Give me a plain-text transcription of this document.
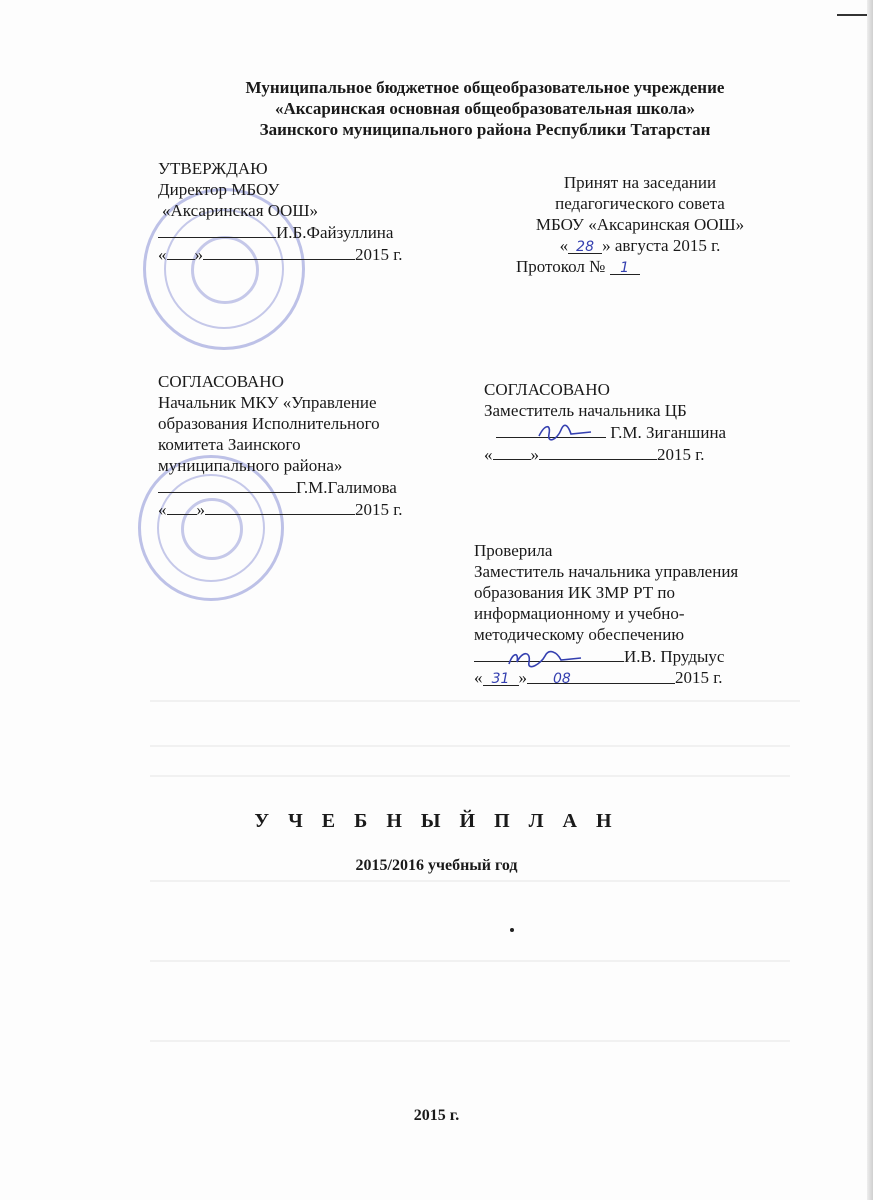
Муниципальное бюджетное общеобразовательное учреждение
«Аксаринская основная общеобразовательная школа»
Заинского муниципального района Республики Татарстан
УТВЕРЖДАЮ
Директор МБОУ
«Аксаринская ООШ»
И.Б.Файзуллина
« »	2015 г.
Принят на заседании
педагогического совета
МБОУ «Аксаринская ООШ»
« 28 » августа 2015 г.
Протокол № 1
СОГЛАСОВАНО
Начальник МКУ «Управление
образования Исполнительного
комитета Заинского
муниципального района»
Г.М.Галимова
« »	2015 г.
СОГЛАСОВАНО
Заместитель начальника ЦБ
Г.М. Зиганшина
« »	2015 г.
Проверила
Заместитель начальника управления
образования ИК ЗМР РТ по
информационному и учебно-
методическому обеспечению
И.В. Прудыус
« 31 » 08	2015 г.
У Ч Е Б Н Ы Й П Л А Н
2015/2016 учебный год
2015 г.
